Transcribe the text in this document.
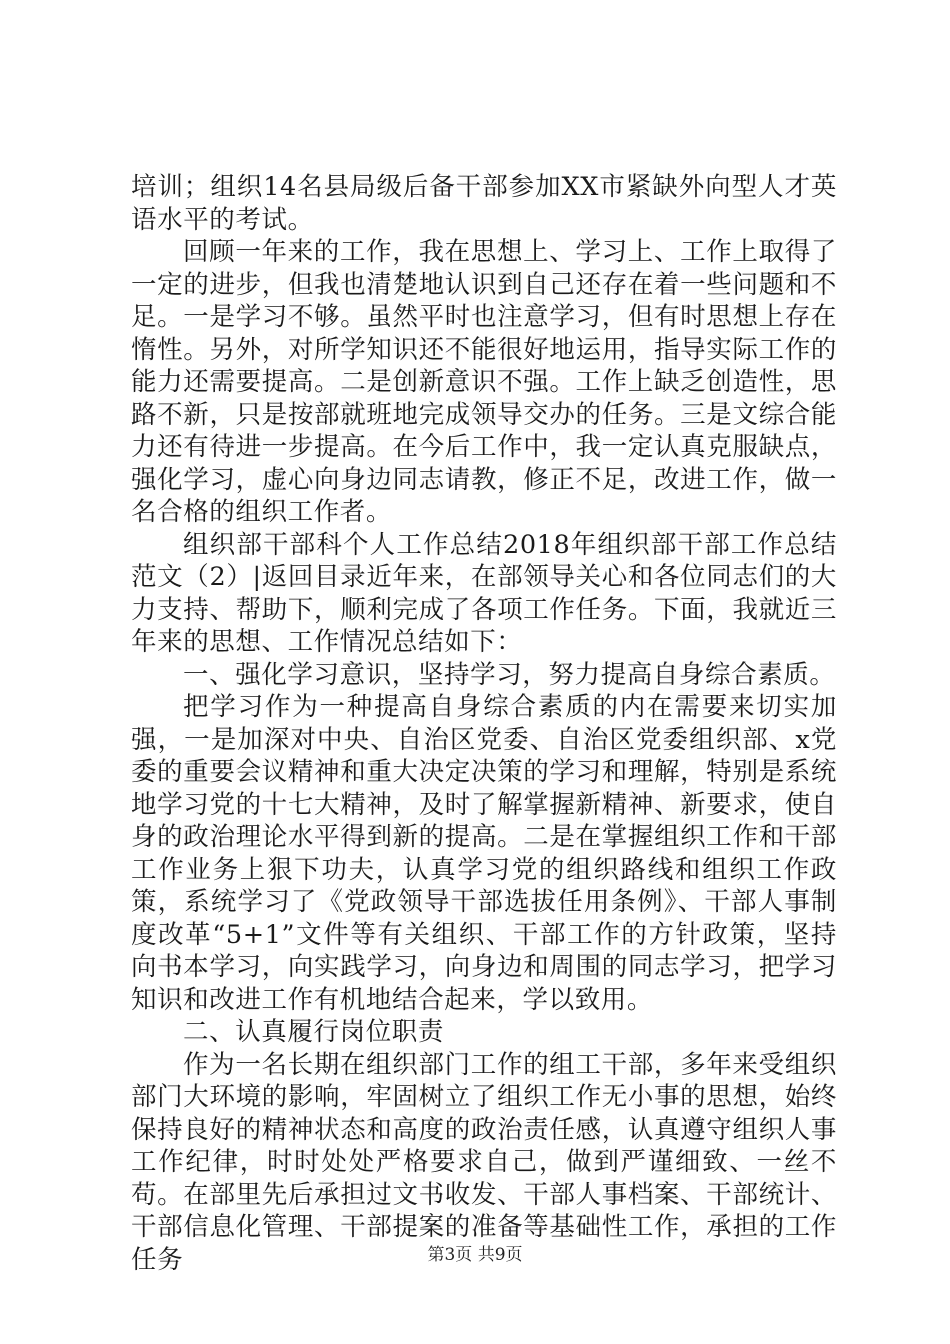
培训；组织14名县局级后备干部参加XX市紧缺外向型人才英语水平的考试。

回顾一年来的工作，我在思想上、学习上、工作上取得了一定的进步，但我也清楚地认识到自己还存在着一些问题和不足。一是学习不够。虽然平时也注意学习，但有时思想上存在惰性。另外，对所学知识还不能很好地运用，指导实际工作的能力还需要提高。二是创新意识不强。工作上缺乏创造性，思路不新，只是按部就班地完成领导交办的任务。三是文综合能力还有待进一步提高。在今后工作中，我一定认真克服缺点，强化学习，虚心向身边同志请教，修正不足，改进工作，做一名合格的组织工作者。

组织部干部科个人工作总结2018年组织部干部工作总结范文（2）|返回目录近年来，在部领导关心和各位同志们的大力支持、帮助下，顺利完成了各项工作任务。下面，我就近三年来的思想、工作情况总结如下：

一、强化学习意识，坚持学习，努力提高自身综合素质。

把学习作为一种提高自身综合素质的内在需要来切实加强，一是加深对中央、自治区党委、自治区党委组织部、x党委的重要会议精神和重大决定决策的学习和理解，特别是系统地学习党的十七大精神，及时了解掌握新精神、新要求，使自身的政治理论水平得到新的提高。二是在掌握组织工作和干部工作业务上狠下功夫，认真学习党的组织路线和组织工作政策，系统学习了《党政领导干部选拔任用条例》、干部人事制度改革“5+1”文件等有关组织、干部工作的方针政策，坚持向书本学习，向实践学习，向身边和周围的同志学习，把学习知识和改进工作有机地结合起来，学以致用。

二、认真履行岗位职责

作为一名长期在组织部门工作的组工干部，多年来受组织部门大环境的影响，牢固树立了组织工作无小事的思想，始终保持良好的精神状态和高度的政治责任感，认真遵守组织人事工作纪律，时时处处严格要求自己，做到严谨细致、一丝不苟。在部里先后承担过文书收发、干部人事档案、干部统计、干部信息化管理、干部提案的准备等基础性工作，承担的工作任务	第3页 共9页
